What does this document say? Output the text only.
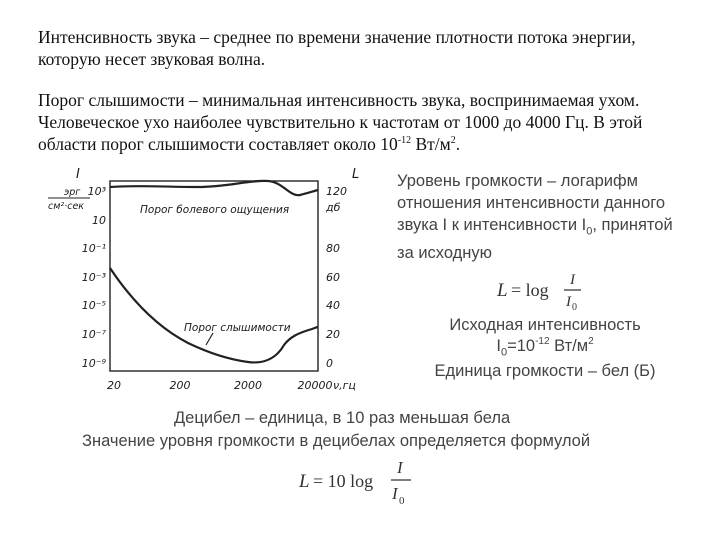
Интенсивность звука – среднее по времени значение плотности потока энергии, которую несет звуковая волна.

Порог слышимости – минимальная интенсивность звука, воспринимаемая ухом. Человеческое ухо наиболее чувствительно к частотам от 1000 до 4000 Гц. В этой области порог слышимости составляет около $10^{-12}$ $Вт/м^2$.

I
эрг
см²·сек
L
10³
10
10⁻¹
10⁻³
10⁻⁵
10⁻⁷
10⁻⁹
120
дб
80
60
40
20
0
20	200	2000	20000 ν,гц
Порог болевого ощущения
Порог слышимости

Уровень громкости – логарифм отношения интенсивности данного звука I к интенсивности $I_0$, принятой за исходную

L = log I
I 0
Исходная интенсивность
$I_0=10^{-12}$ $Вт/м^2$
Единица громкости – бел (Б)
Децибел – единица, в 10 раз меньшая бела
Значение уровня громкости в децибелах определяется формулой
L = 10 log
I
I 0
